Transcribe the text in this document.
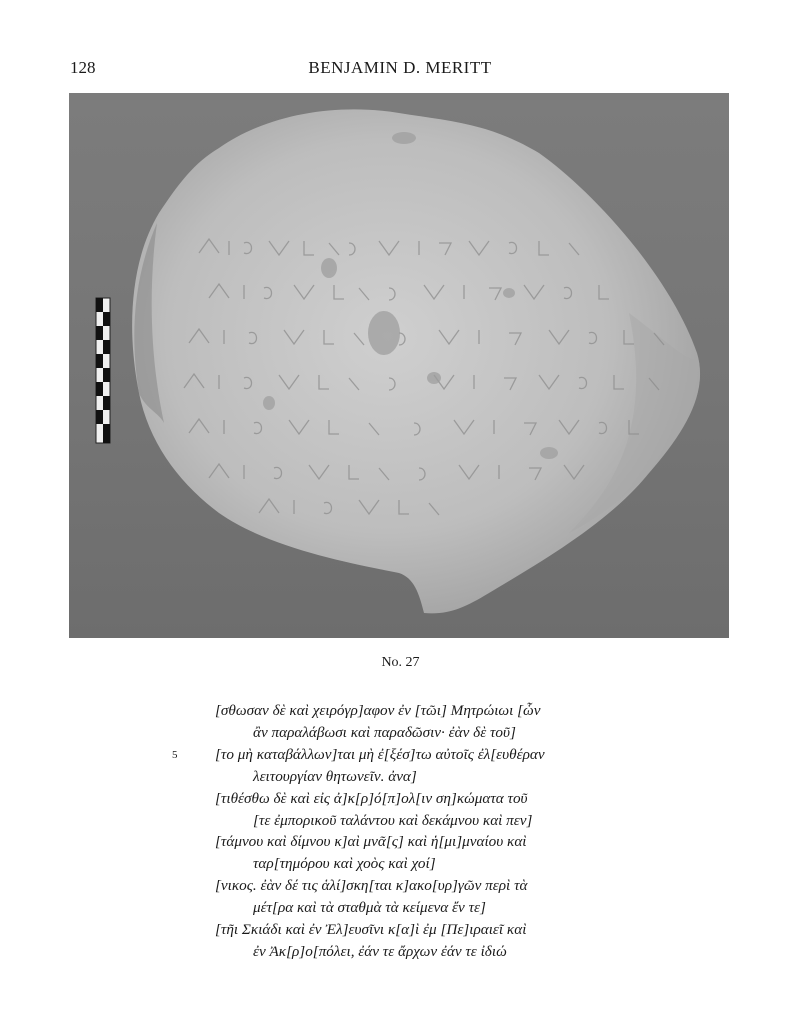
128	BENJAMIN D. MERITT
No. 27
5
[σθωσαν δὲ καὶ χειρόγρ]αφον ἐν [τῶι] Μητρώιωι [ὧν
ἂν παραλάβωσι καὶ παραδῶσιν· ἐὰν δὲ τοῦ]
[το μὴ καταβάλλων]ται μὴ ἐ[ξέσ]τω αὐτοῖς ἐλ[ευθέραν
λειτουργίαν θητωνεῖν. ἀνα]
[τιθέσθω δὲ καὶ εἰς ἀ]κ[ρ]ό[π]ολ[ιν ση]κώματα τοῦ
[τε ἐμπορικοῦ ταλάντου καὶ δεκάμνου καὶ πεν]
[τάμνου καὶ δίμνου κ]αὶ μνᾶ[ς] καὶ ἡ[μι]μναίου καὶ
ταρ[τημόρου καὶ χοὸς καὶ χοί]
[νικος. ἐὰν δέ τις ἁλί]σκη[ται κ]ακο[υρ]γῶν περὶ τὰ
μέτ[ρα καὶ τὰ σταθμὰ τὰ κείμενα ἔν τε]
[τῆι Σκιάδι καὶ ἐν Ἐλ]ευσῖνι κ[α]ὶ ἐμ [Πε]ιραιεῖ καὶ
ἐν Ἀκ[ρ]ο[πόλει, ἐάν τε ἄρχων ἐάν τε ἰδιώ
